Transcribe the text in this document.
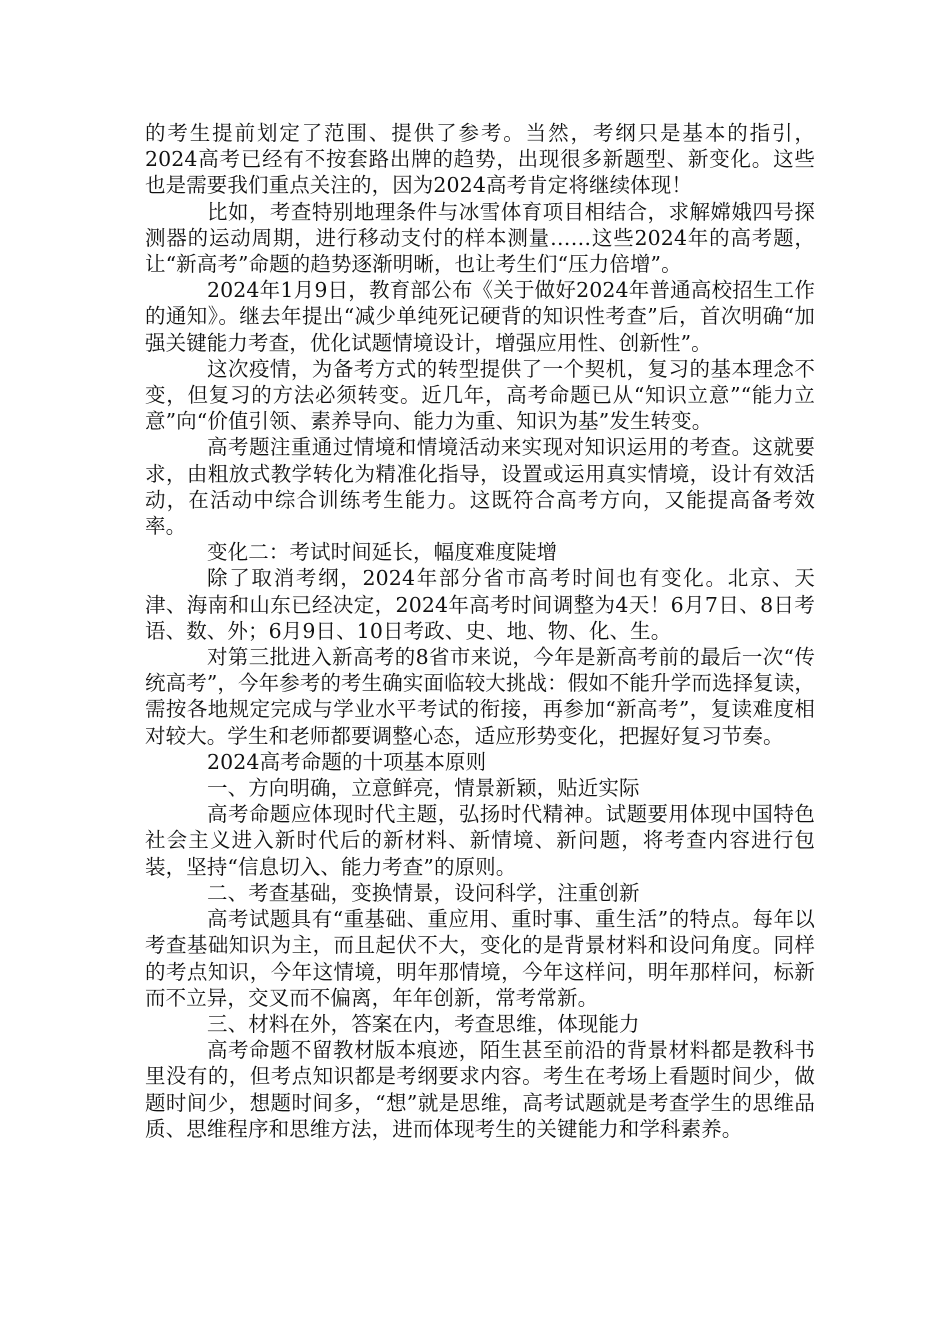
的考生提前划定了范围、提供了参考。当然，考纲只是基本的指引，2024高考已经有不按套路出牌的趋势，出现很多新题型、新变化。这些也是需要我们重点关注的，因为2024高考肯定将继续体现！

比如，考查特别地理条件与冰雪体育项目相结合，求解嫦娥四号探测器的运动周期，进行移动支付的样本测量……这些2024年的高考题，让“新高考”命题的趋势逐渐明晰，也让考生们“压力倍增”。

2024年1月9日，教育部公布《关于做好2024年普通高校招生工作的通知》。继去年提出“减少单纯死记硬背的知识性考查”后，首次明确“加强关键能力考查，优化试题情境设计，增强应用性、创新性”。

这次疫情，为备考方式的转型提供了一个契机，复习的基本理念不变，但复习的方法必须转变。近几年，高考命题已从“知识立意”“能力立意”向“价值引领、素养导向、能力为重、知识为基”发生转变。

高考题注重通过情境和情境活动来实现对知识运用的考查。这就要求，由粗放式教学转化为精准化指导，设置或运用真实情境，设计有效活动，在活动中综合训练考生能力。这既符合高考方向，又能提高备考效率。

变化二：考试时间延长，幅度难度陡增

除了取消考纲，2024年部分省市高考时间也有变化。北京、天津、海南和山东已经决定，2024年高考时间调整为4天！6月7日、8日考语、数、外；6月9日、10日考政、史、地、物、化、生。

对第三批进入新高考的8省市来说，今年是新高考前的最后一次“传统高考”，今年参考的考生确实面临较大挑战：假如不能升学而选择复读，需按各地规定完成与学业水平考试的衔接，再参加“新高考”，复读难度相对较大。学生和老师都要调整心态，适应形势变化，把握好复习节奏。

2024高考命题的十项基本原则

一、方向明确，立意鲜亮，情景新颖，贴近实际

高考命题应体现时代主题，弘扬时代精神。试题要用体现中国特色社会主义进入新时代后的新材料、新情境、新问题，将考查内容进行包装，坚持“信息切入、能力考查”的原则。

二、考查基础，变换情景，设问科学，注重创新

高考试题具有“重基础、重应用、重时事、重生活”的特点。每年以考查基础知识为主，而且起伏不大，变化的是背景材料和设问角度。同样的考点知识，今年这情境，明年那情境，今年这样问，明年那样问，标新而不立异，交叉而不偏离，年年创新，常考常新。

三、材料在外，答案在内，考查思维，体现能力

高考命题不留教材版本痕迹，陌生甚至前沿的背景材料都是教科书里没有的，但考点知识都是考纲要求内容。考生在考场上看题时间少，做题时间少，想题时间多，“想”就是思维，高考试题就是考查学生的思维品质、思维程序和思维方法，进而体现考生的关键能力和学科素养。
